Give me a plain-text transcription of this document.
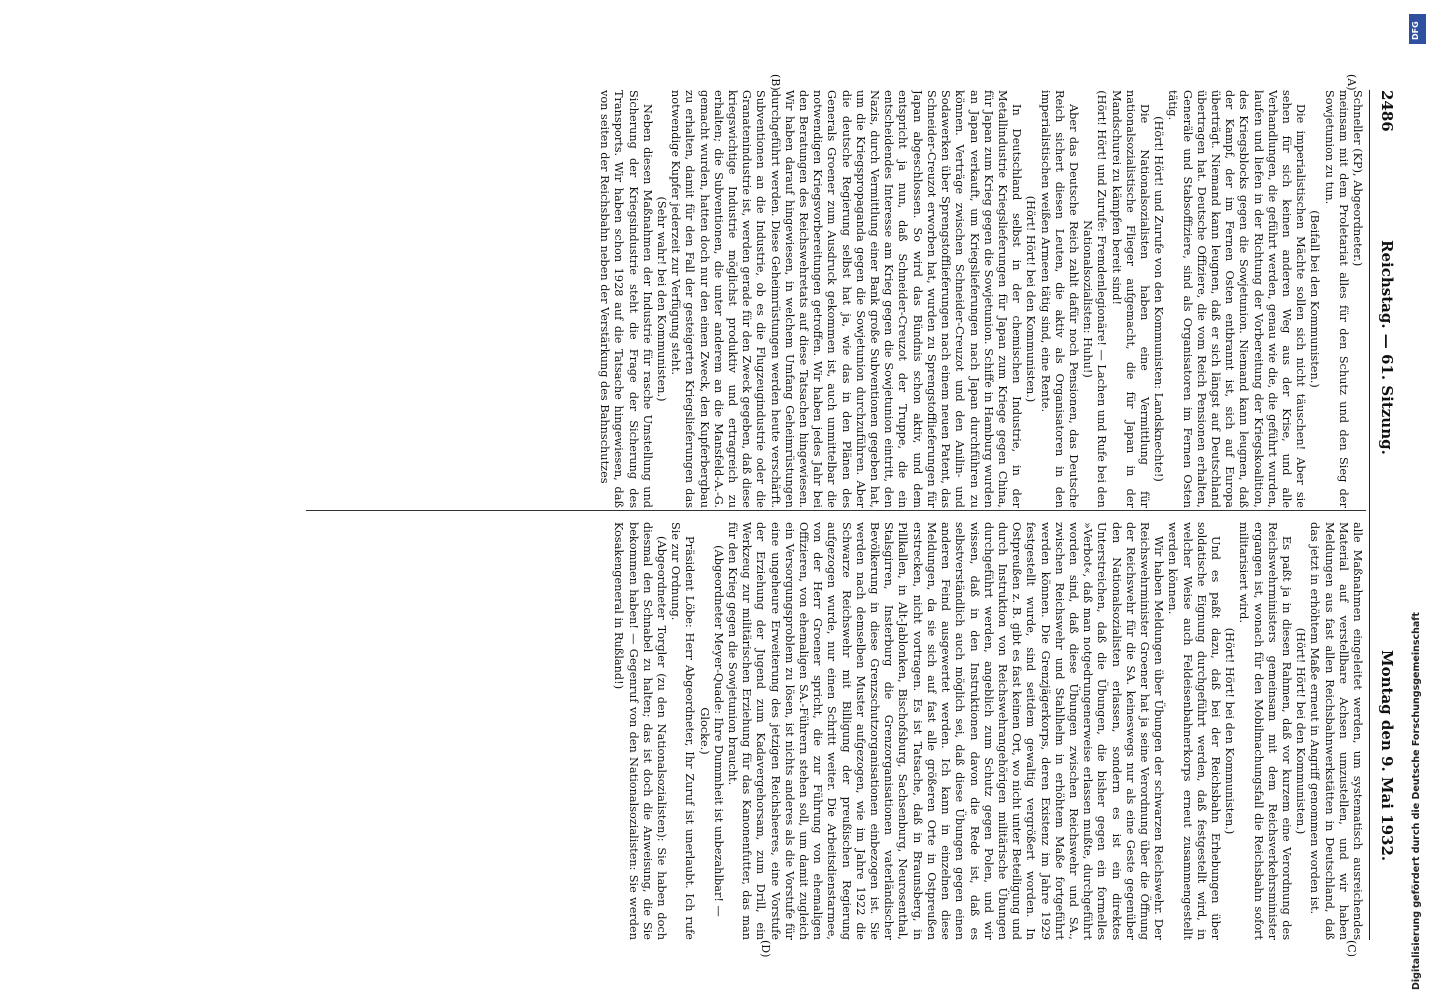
2486
Reichstag. — 61. Sitzung.
Montag den 9. Mai 1932.
(A)
(B)
(C)
(D)

Schneller (KP), Abgeordneter.)

meinsam mit dem Proletariat alles für den Schutz und den Sieg der Sowjetunion zu tun.

(Beifall bei den Kommunisten.)

Die imperialistischen Mächte sollen sich nicht täuschen! Aber sie sehen für sich keinen anderen Weg aus der Krise, und alle Verhandlungen, die geführt werden, genau wie die, die geführt wurden, laufen und liefen in der Richtung der Vorbereitung der Kriegskoalition, des Kriegsblocks gegen die Sowjetunion. Niemand kann leugnen, daß der Kampf, der im Fernen Osten entbrannt ist, sich auf Europa überträgt. Niemand kann leugnen, daß er sich längst auf Deutschland übertragen hat. Deutsche Offiziere, die vom Reich Pensionen erhalten, Generäle und Stabsoffiziere, sind als Organisatoren im Fernen Osten tätig.

(Hört! Hört! und Zurufe von den Kommunisten: Landsknechte!)

Die Nationalsozialisten haben eine Vermittlung für nationalsozialistische Flieger aufgemacht, die für Japan in der Mandschurei zu kämpfen bereit sind!

(Hört! Hört! und Zurufe: Fremdenlegionäre! — Lachen und Rufe bei den Nationalsozialisten: Huhu!)

Aber das Deutsche Reich zahlt dafür noch Pensionen, das Deutsche Reich sichert diesen Leuten, die aktiv als Organisatoren in den imperialistischen weißen Armeen tätig sind, eine Rente.

(Hört! Hört! bei den Kommunisten.)

In Deutschland selbst in der chemischen Industrie, in der Metallindustrie Kriegslieferungen für Japan zum Kriege gegen China, für Japan zum Krieg gegen die Sowjetunion. Schiffe in Hamburg wurden an Japan verkauft, um Kriegslieferungen nach Japan durchführen zu können. Verträge zwischen Schneider-Creuzot und den Anilin- und Sodawerken über Sprengstofflieferungen nach einem neuen Patent, das Schneider-Creuzot erworben hat, wurden zu Sprengstofflieferungen für Japan abgeschlossen. So wird das Bündnis schon aktiv, und dem entspricht ja nun, daß Schneider-Creuzot der Truppe, die ein entscheidendes Interesse am Krieg gegen die Sowjetunion eintritt, den Nazis, durch Vermittlung einer Bank große Subventionen gegeben hat, um die Kriegspropaganda gegen die Sowjetunion durchzuführen. Aber die deutsche Regierung selbst hat ja, wie das in den Plänen des Generals Groener zum Ausdruck gekommen ist, auch unmittelbar die notwendigen Kriegsvorbereitungen getroffen. Wir haben jedes Jahr bei den Beratungen des Reichswehretats auf diese Tatsachen hingewiesen. Wir haben darauf hingewiesen, in welchem Umfang Geheimrüstungen durchgeführt werden. Diese Geheimrüstungen werden heute verschärft. Subventionen an die Industrie, ob es die Flugzeugindustrie oder die Granatenindustrie ist, werden gerade für den Zweck gegeben, daß diese kriegswichtige Industrie möglichst produktiv und ertragreich zu erhalten; die Subventionen, die unter anderem an die Mansfeld-A.-G. gemacht wurden, hatten doch nur den einen Zweck, den Kupferbergbau zu erhalten, damit für den Fall der gesteigerten Kriegslieferungen das notwendige Kupfer jederzeit zur Verfügung steht.

(Sehr wahr! bei den Kommunisten.)

Neben diesen Maßnahmen der Industrie für rasche Umstellung und Sicherung der Kriegsindustrie steht die Frage der Sicherung des Transports. Wir haben schon 1928 auf die Tatsache hingewiesen, daß von seiten der Reichsbahn neben der Verstärkung des Bahnschutzes

alle Maßnahmen eingeleitet werden, um systematisch ausreichendes Material auf verstellbare Achsen umzustellen, und wir haben Meldungen aus fast allen Reichsbahnwerkstätten in Deutschland, daß das jetzt in erhöhtem Maße erneut in Angriff genommen worden ist.

(Hört! Hört! bei den Kommunisten.)

Es paßt ja in diesen Rahmen, daß vor kurzem eine Verordnung des Reichswehrministers gemeinsam mit dem Reichsverkehrsminister ergangen ist, wonach für den Mobilmachungsfall die Reichsbahn sofort militarisiert wird.

(Hört! Hört! bei den Kommunisten.)

Und es paßt dazu, daß bei der Reichsbahn Erhebungen über soldatische Eignung durchgeführt werden, daß festgestellt wird, in welcher Weise auch Feldeisenbahnerkorps erneut zusammengestellt werden können.

Wir haben Meldungen über Übungen der schwarzen Reichswehr. Der Reichswehrminister Groener hat ja seine Verordnung über die Öffnung der Reichswehr für die SA. keineswegs nur als eine Geste gegenüber den Nationalsozialisten erlassen, sondern es ist ein direktes Unterstreichen, daß die Übungen, die bisher gegen ein formelles »Verbot«, daß man notgedrungenerweise erlassen mußte, durchgeführt worden sind, daß diese Übungen zwischen Reichswehr und SA., zwischen Reichswehr und Stahlhelm in erhöhtem Maße fortgeführt werden können. Die Grenzjägerkorps, deren Existenz im Jahre 1929 festgestellt wurde, sind seitdem gewaltig vergrößert worden. In Ostpreußen z. B. gibt es fast keinen Ort, wo nicht unter Beteiligung und durch Instruktion von Reichswehrangehörigen militärische Übungen durchgeführt werden, angeblich zum Schutz gegen Polen, und wir wissen, daß in den Instruktionen davon die Rede ist, daß es selbstverständlich auch möglich sei, daß diese Übungen gegen einen anderen Feind ausgewertet werden. Ich kann in einzelnen diese Meldungen, da sie sich auf fast alle größeren Orte in Ostpreußen erstrecken, nicht vortragen. Es ist Tatsache, daß in Braunsberg, in Pillkallen, in Alt-Jablonken, Bischofsburg, Sachsenburg, Neurosenthal, Stalsgirren, Insterburg die Grenzorganisationen vaterländischer Bevölkerung in diese Grenzschutzorganisationen einbezogen ist. Sie werden nach demselben Muster aufgezogen, wie im Jahre 1922 die Schwarze Reichswehr mit Billigung der preußischen Regierung aufgezogen wurde, nur einen Schritt weiter. Die Arbeitsdienstarmee, von der Herr Groener spricht, die zur Führung von ehemaligen Offizieren, von ehemaligen SA.-Führern stehen soll, um damit zugleich ein Versorgungsproblem zu lösen, ist nichts anderes als die Vorstufe für eine ungeheure Erweiterung des jetzigen Reichsheeres, eine Vorstufe der Erziehung der Jugend zum Kadavergehorsam, zum Drill, ein Werkzeug zur militärischen Erziehung für das Kanonenfutter, das man für den Krieg gegen die Sowjetunion braucht.

(Abgeordneter Meyer-Quade: Ihre Dummheit ist unbezahlbar! — Glocke.)

Präsident Löbe: Herr Abgeordneter, Ihr Zuruf ist unerlaubt. Ich rufe Sie zur Ordnung.

(Abgeordneter Torgler (zu den Nationalsozialisten): Sie haben doch diesmal den Schnabel zu halten; das ist doch die Anweisung, die Sie bekommen haben! — Gegenruf von den Nationalsozialisten: Sie werden Kosakengeneral in Rußland!)

DFG
Digitalisierung gefördert durch die Deutsche Forschungsgemeinschaft
